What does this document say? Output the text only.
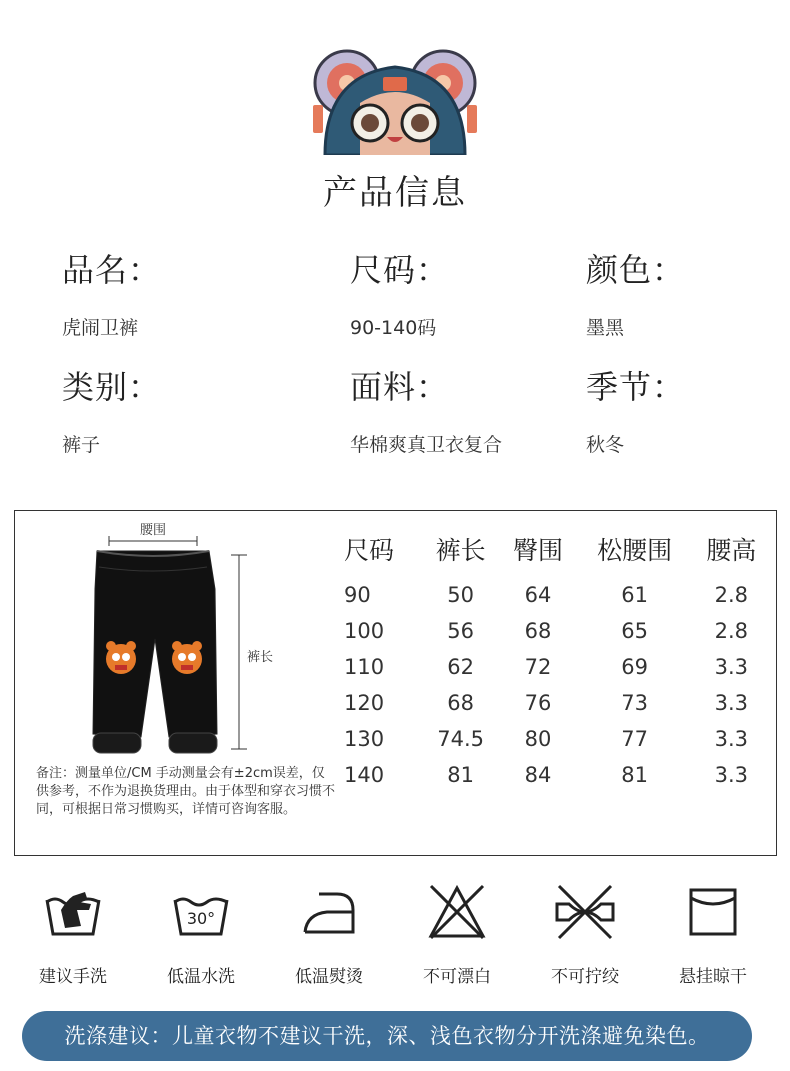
产品信息
品名：
虎闹卫裤
尺码：
90-140码
颜色：
墨黑
类别：
裤子
面料：
华棉爽真卫衣复合
季节：
秋冬
腰围
裤长
备注：测量单位/CM 手动测量会有±2cm误差，仅供参考，不作为退换货理由。由于体型和穿衣习惯不同，可根据日常习惯购买，详情可咨询客服。
尺码	裤长	臀围	松腰围	腰高
90	50	64	61	2.8
100	56	68	65	2.8
110	62	72	69	3.3
120	68	76	73	3.3
130	74.5	80	77	3.3
140	81	84	81	3.3
建议手洗
30°
低温水洗	低温熨烫	不可漂白	不可拧绞	悬挂晾干
洗涤建议：儿童衣物不建议干洗，深、浅色衣物分开洗涤避免染色。
